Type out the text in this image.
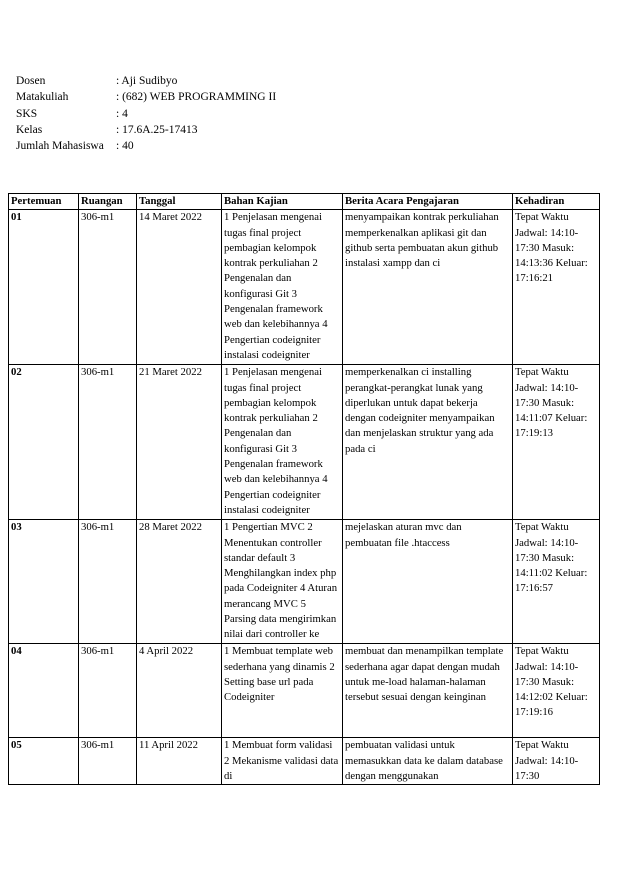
Dosen	: Aji Sudibyo
Matakuliah	: (682) WEB PROGRAMMING II
SKS	: 4
Kelas	: 17.6A.25-17413
Jumlah Mahasiswa	: 40
Pertemuan	Ruangan	Tanggal	Bahan Kajian	Berita Acara Pengajaran	Kehadiran

01	306-m1	14 Maret 2022	1 Penjelasan mengenai tugas final project pembagian kelompok kontrak perkuliahan 2 Pengenalan dan konfigurasi Git 3 Pengenalan framework web dan kelebihannya 4 Pengertian codeigniter instalasi codeigniter	menyampaikan kontrak perkuliahan memperkenalkan aplikasi git dan github serta pembuatan akun github instalasi xampp dan ci	Tepat Waktu Jadwal: 14:10-17:30 Masuk: 14:13:36 Keluar: 17:16:21

02	306-m1	21 Maret 2022	1 Penjelasan mengenai tugas final project pembagian kelompok kontrak perkuliahan 2 Pengenalan dan konfigurasi Git 3 Pengenalan framework web dan kelebihannya 4 Pengertian codeigniter instalasi codeigniter	memperkenalkan ci installing perangkat-perangkat lunak yang diperlukan untuk dapat bekerja dengan codeigniter menyampaikan dan menjelaskan struktur yang ada pada ci	Tepat Waktu Jadwal: 14:10-17:30 Masuk: 14:11:07 Keluar: 17:19:13

03	306-m1	28 Maret 2022	1 Pengertian MVC 2 Menentukan controller standar default 3 Menghilangkan index php pada Codeigniter 4 Aturan merancang MVC 5 Parsing data mengirimkan nilai dari controller ke	mejelaskan aturan mvc dan pembuatan file .htaccess	Tepat Waktu Jadwal: 14:10-17:30 Masuk: 14:11:02 Keluar: 17:16:57

04	306-m1	4 April 2022	1 Membuat template web sederhana yang dinamis 2 Setting base url pada Codeigniter	membuat dan menampilkan template sederhana agar dapat dengan mudah untuk me-load halaman-halaman tersebut sesuai dengan keinginan	Tepat Waktu Jadwal: 14:10-17:30 Masuk: 14:12:02 Keluar: 17:19:16

05	306-m1	11 April 2022	1 Membuat form validasi 2 Mekanisme validasi data di	pembuatan validasi untuk memasukkan data ke dalam database dengan menggunakan	Tepat Waktu Jadwal: 14:10-17:30
